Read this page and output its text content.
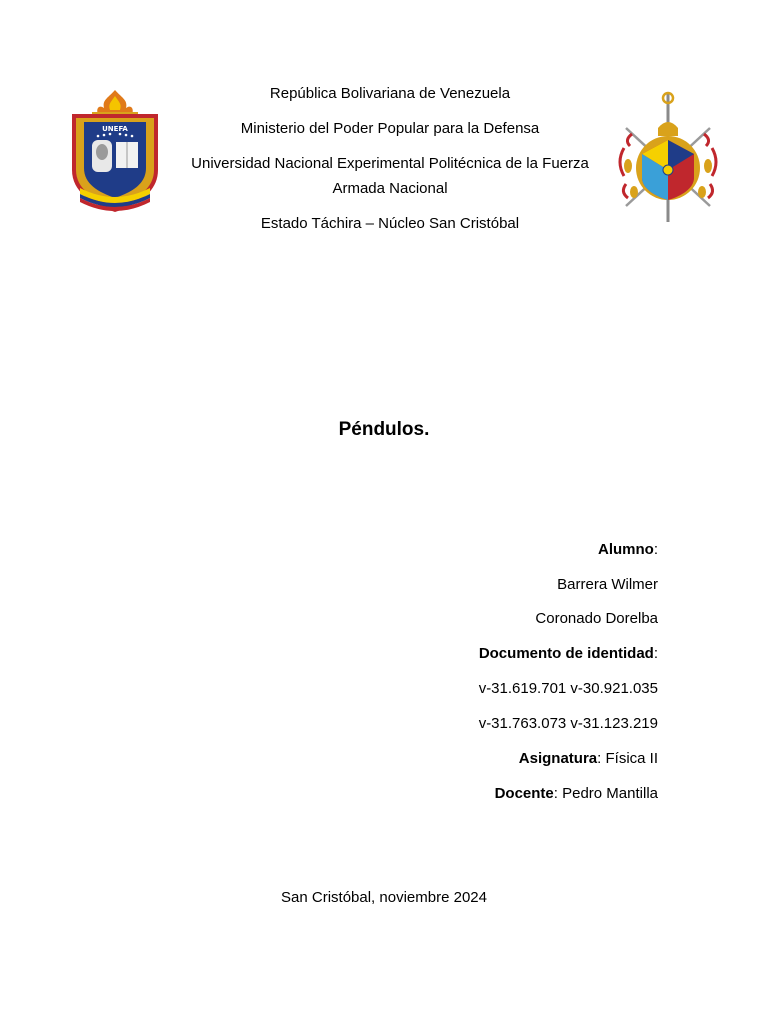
UNEFA
República Bolivariana de Venezuela
Ministerio del Poder Popular para la Defensa
Universidad Nacional Experimental Politécnica de la Fuerza
Armada Nacional
Estado Táchira – Núcleo San Cristóbal
Péndulos.
Alumno:
Barrera Wilmer
Coronado Dorelba
Documento de identidad:
v-31.619.701 v-30.921.035
v-31.763.073 v-31.123.219
Asignatura: Física II
Docente: Pedro Mantilla
San Cristóbal, noviembre 2024
